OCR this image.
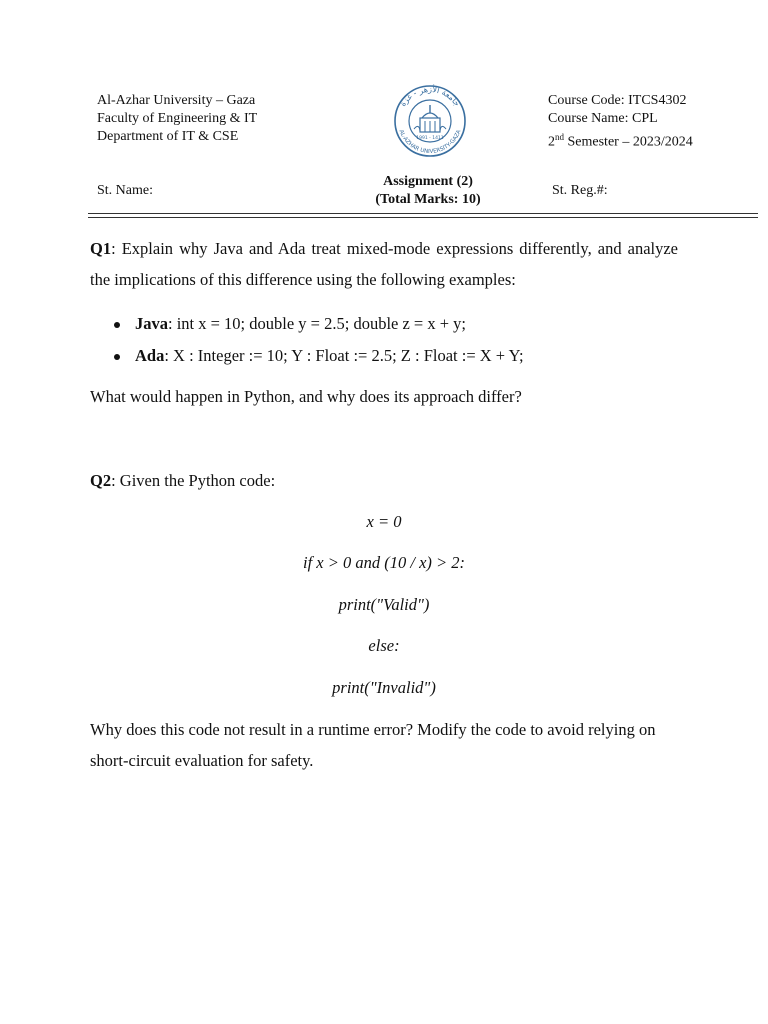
Al-Azhar University – Gaza
Faculty of Engineering & IT
Department of IT & CSE
جامعة الأزهر - غزة
AL-AZHAR UNIVERSITY-GAZA
1991 - 1411
Course Code: ITCS4302
Course Name: CPL
2nd Semester – 2023/2024
St. Name:
Assignment (2)
(Total Marks: 10)
St. Reg.#:
Q1: Explain why Java and Ada treat mixed-mode expressions differently, and analyze the implications of this difference using the following examples:
Java: int x = 10; double y = 2.5; double z = x + y;
Ada: X : Integer := 10; Y : Float := 2.5; Z : Float := X + Y;
What would happen in Python, and why does its approach differ?
Q2: Given the Python code:
x = 0
if x > 0 and (10 / x) > 2:
print("Valid")
else:
print("Invalid")
Why does this code not result in a runtime error? Modify the code to avoid relying on short-circuit evaluation for safety.
